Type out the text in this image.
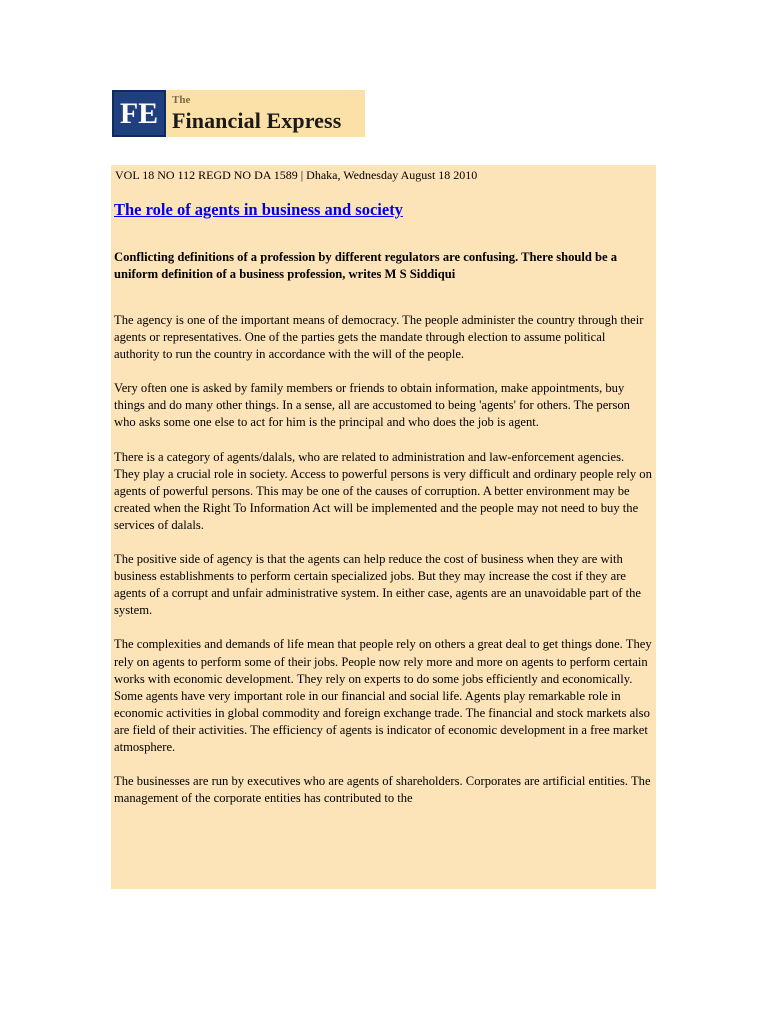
FE The
Financial Express
VOL 18 NO 112 REGD NO DA 1589 | Dhaka, Wednesday August 18 2010
The role of agents in business and society
Conflicting definitions of a profession by different regulators are confusing. There should be a uniform definition of a business profession, writes M S Siddiqui

The agency is one of the important means of democracy. The people administer the country through their agents or representatives. One of the parties gets the mandate through election to assume political authority to run the country in accordance with the will of the people.

Very often one is asked by family members or friends to obtain information, make appointments, buy things and do many other things. In a sense, all are accustomed to being 'agents' for others. The person who asks some one else to act for him is the principal and who does the job is agent.

There is a category of agents/dalals, who are related to administration and law-enforcement agencies. They play a crucial role in society. Access to powerful persons is very difficult and ordinary people rely on agents of powerful persons. This may be one of the causes of corruption. A better environment may be created when the Right To Information Act will be implemented and the people may not need to buy the services of dalals.

The positive side of agency is that the agents can help reduce the cost of business when they are with business establishments to perform certain specialized jobs. But they may increase the cost if they are agents of a corrupt and unfair administrative system. In either case, agents are an unavoidable part of the system.

The complexities and demands of life mean that people rely on others a great deal to get things done. They rely on agents to perform some of their jobs. People now rely more and more on agents to perform certain works with economic development. They rely on experts to do some jobs efficiently and economically. Some agents have very important role in our financial and social life. Agents play remarkable role in economic activities in global commodity and foreign exchange trade. The financial and stock markets also are field of their activities. The efficiency of agents is indicator of economic development in a free market atmosphere.

The businesses are run by executives who are agents of shareholders. Corporates are artificial entities. The management of the corporate entities has contributed to the
